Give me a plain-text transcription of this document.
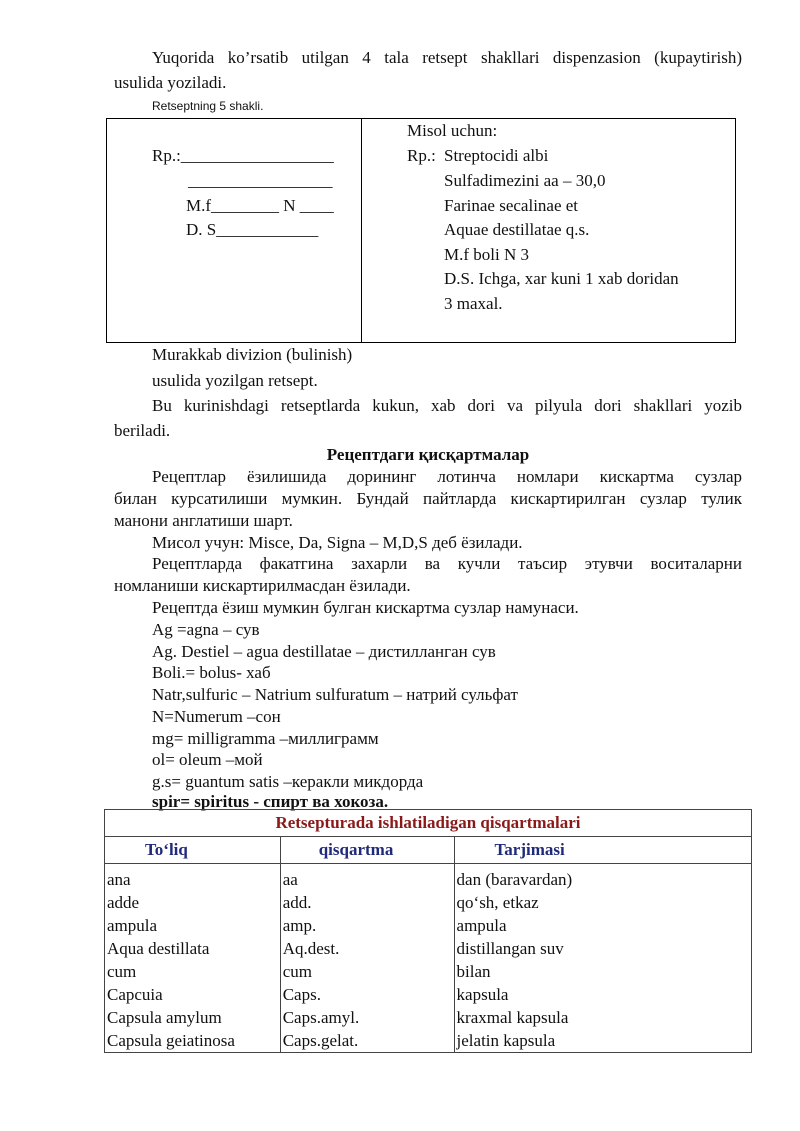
Yuqorida ko’rsatib utilgan 4 tala retsept shakllari dispenzasion (kupaytirish)
usulida yoziladi.
Retseptning 5 shakli.
Rp.:__________________
_________________
M.f________ N ____
D. S____________
Misol uchun:
Rp.: Streptocidi albi
Sulfadimezini aa – 30,0
Farinae secalinae et
Aquae destillatae q.s.
M.f boli N 3
D.S. Ichga, xar kuni 1 xab doridan
3 maxal.
Murakkab divizion (bulinish)
usulida yozilgan retsept.
Bu kurinishdagi retseptlarda kukun, xab dori va pilyula dori shakllari yozib
beriladi.
Рецептдаги қисқартмалар
Рецептлар ёзилишида дорининг лотинча номлари кискартма сузлар
билан курсатилиши мумкин. Бундай пайтларда кискартирилган сузлар тулик
манони англатиши шарт.
Мисол учун: Misce, Da, Signa – M,D,S деб ёзилади.
Рецептларда факатгина захарли ва кучли таъсир этувчи воситаларни
номланиши кискартирилмасдан ёзилади.
Рецептда ёзиш мумкин булган кискартма сузлар намунаси.
Ag =agna – сув
Ag. Destiel – agua destillatae – дистилланган сув
Boli.= bolus- хаб
Natr,sulfuric – Natrium sulfuratum – натрий сульфат
N=Numerum –сон
mg= milligramma –миллиграмм
ol= oleum –мой
g.s= guantum satis –керакли микдорда
spir= spiritus - спирт ва хокоза.
Retsepturada ishlatiladigan qisqartmalari		
To‘liq	qisqartma	Tarjimasi

ana	aa	dan (baravardan)
adde	add.	qo‘sh, etkaz
ampula	amp.	ampula
Aqua destillata	Aq.dest.	distillangan suv
cum	cum	bilan
Capcuia	Caps.	kapsula
Capsula amylum	Caps.amyl.	kraxmal kapsula
Capsula geiatinosa	Caps.gelat.	jelatin kapsula
